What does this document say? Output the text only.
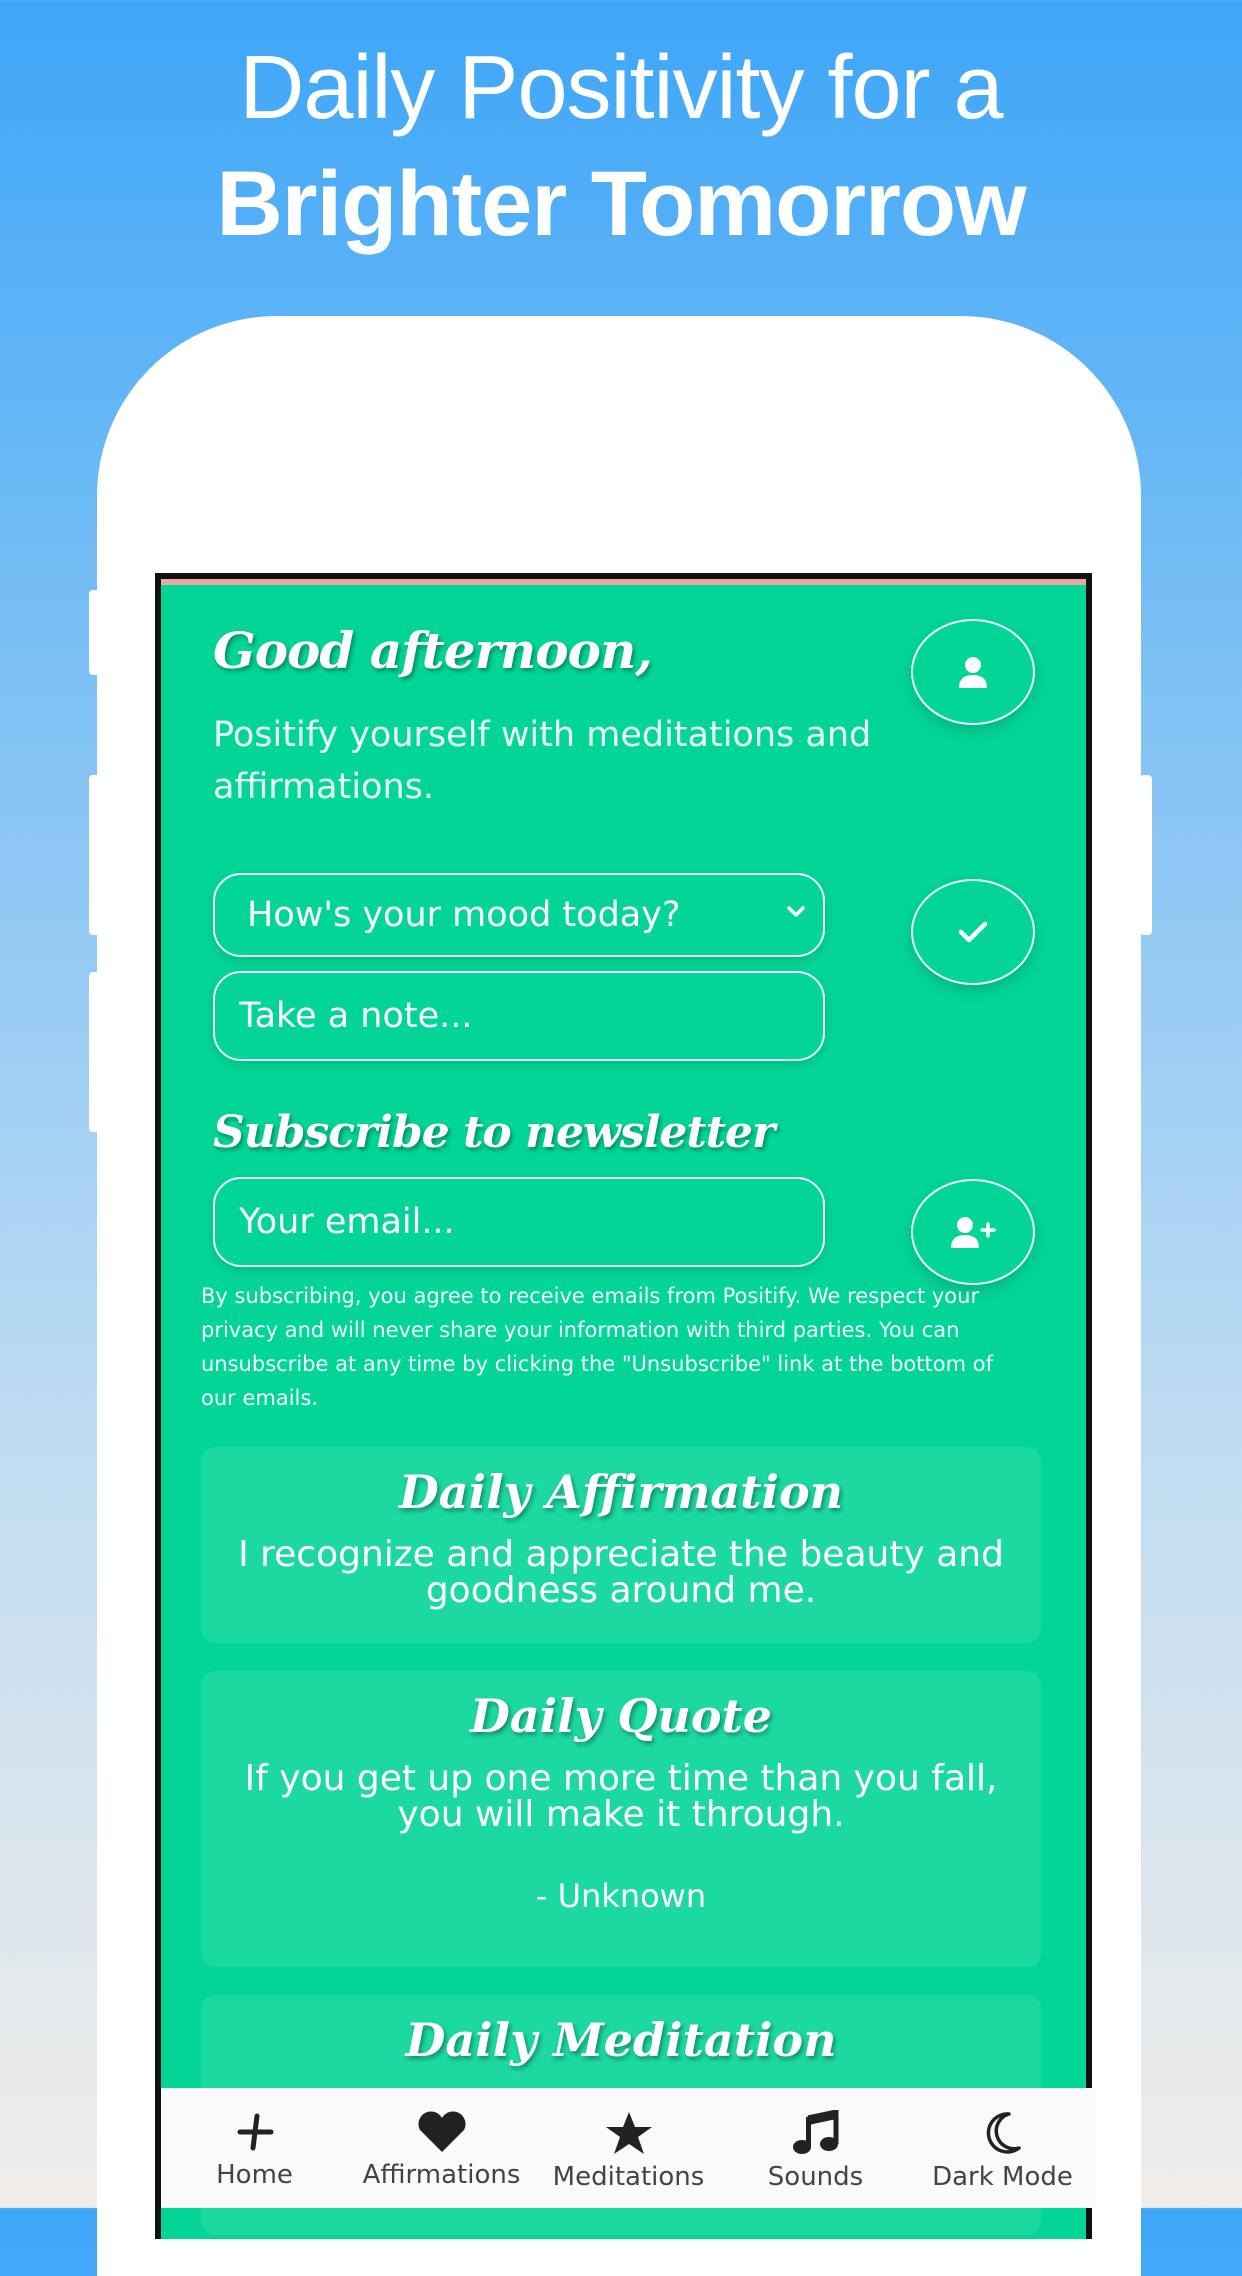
Daily Positivity for a
Brighter Tomorrow
Good afternoon,
Positify yourself with meditations and affirmations.
How's your mood today?
Take a note...
Subscribe to newsletter
Your email...
By subscribing, you agree to receive emails from Positify. We respect your privacy and will never share your information with third parties. You can unsubscribe at any time by clicking the "Unsubscribe" link at the bottom of our emails.
Daily Affirmation
I recognize and appreciate the beauty and goodness around me.
Daily Quote
If you get up one more time than you fall, you will make it through.
- Unknown
Daily Meditation
Home	Affirmations Meditations Sounds	Dark Mode
